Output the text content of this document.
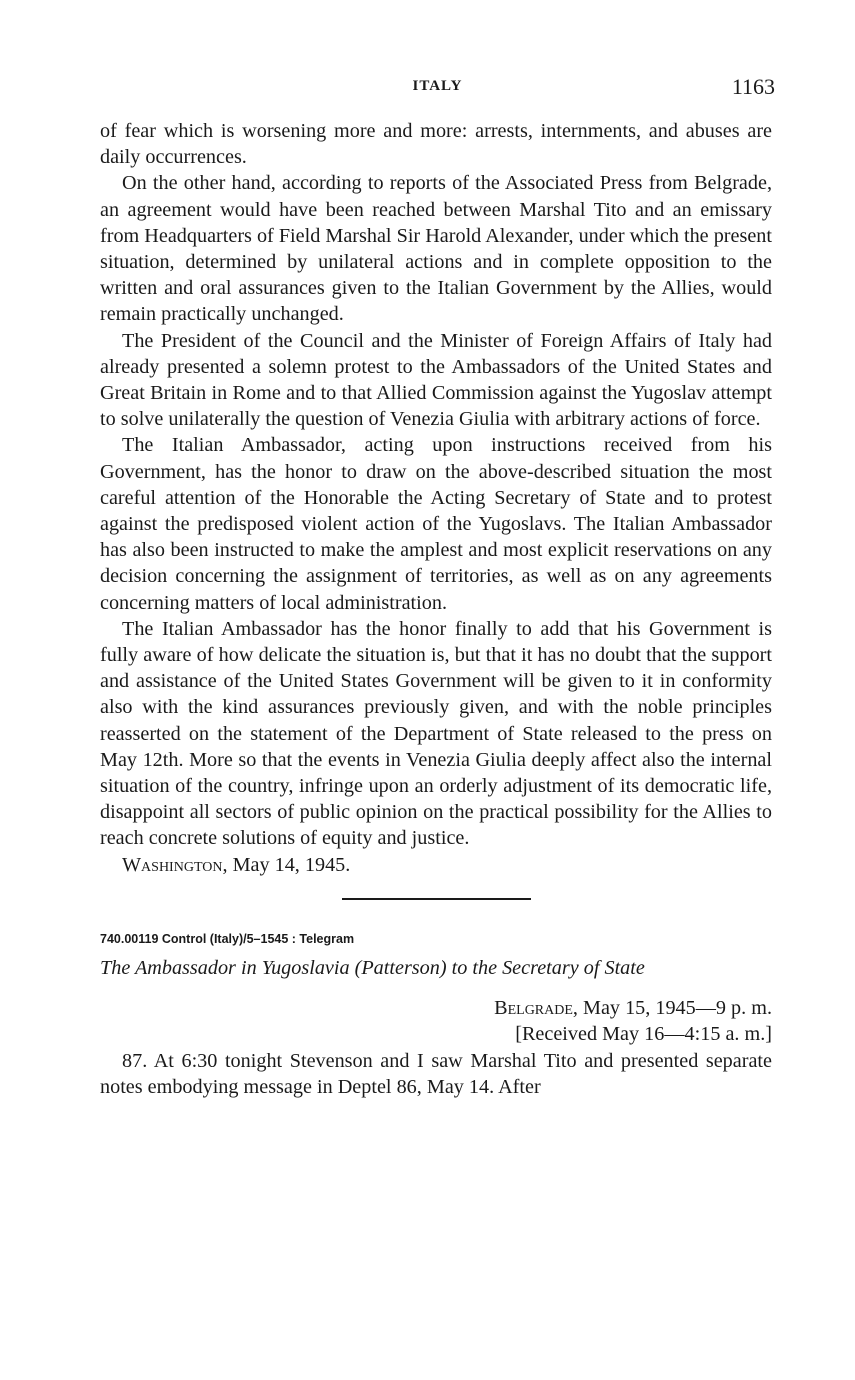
ITALY	1163

of fear which is worsening more and more: arrests, internments, and abuses are daily occurrences.

On the other hand, according to reports of the Associated Press from Belgrade, an agreement would have been reached between Marshal Tito and an emissary from Headquarters of Field Marshal Sir Harold Alexander, under which the present situation, determined by unilateral actions and in complete opposition to the written and oral assurances given to the Italian Government by the Allies, would remain practically unchanged.

The President of the Council and the Minister of Foreign Affairs of Italy had already presented a solemn protest to the Ambassadors of the United States and Great Britain in Rome and to that Allied Commission against the Yugoslav attempt to solve unilaterally the question of Venezia Giulia with arbitrary actions of force.

The Italian Ambassador, acting upon instructions received from his Government, has the honor to draw on the above-described situation the most careful attention of the Honorable the Acting Secretary of State and to protest against the predisposed violent action of the Yugoslavs. The Italian Ambassador has also been instructed to make the amplest and most explicit reservations on any decision concerning the assignment of territories, as well as on any agreements concerning matters of local administration.

The Italian Ambassador has the honor finally to add that his Government is fully aware of how delicate the situation is, but that it has no doubt that the support and assistance of the United States Government will be given to it in conformity also with the kind assurances previously given, and with the noble principles reasserted on the statement of the Department of State released to the press on May 12th. More so that the events in Venezia Giulia deeply affect also the internal situation of the country, infringe upon an orderly adjustment of its democratic life, disappoint all sectors of public opinion on the practical possibility for the Allies to reach concrete solutions of equity and justice.

Washington, May 14, 1945.

740.00119 Control (Italy)/5–1545 : Telegram
The Ambassador in Yugoslavia (Patterson) to the Secretary of State
Belgrade, May 15, 1945—9 p. m.
[Received May 16—4:15 a. m.]

87. At 6:30 tonight Stevenson and I saw Marshal Tito and presented separate notes embodying message in Deptel 86, May 14. After
